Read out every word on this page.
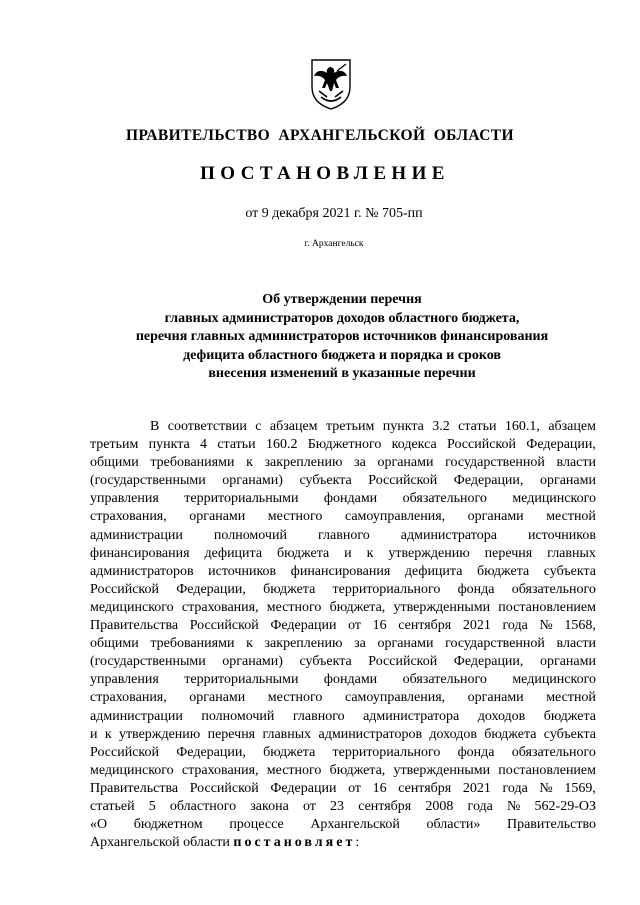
ПРАВИТЕЛЬСТВО АРХАНГЕЛЬСКОЙ ОБЛАСТИ
ПОСТАНОВЛЕНИЕ
от 9 декабря 2021 г. № 705-пп
г. Архангельск
Об утверждении перечня
главных администраторов доходов областного бюджета,
перечня главных администраторов источников финансирования
дефицита областного бюджета и порядка и сроков
внесения изменений в указанные перечни
В соответствии с абзацем третьим пункта 3.2 статьи 160.1, абзацем
третьим пункта 4 статьи 160.2 Бюджетного кодекса Российской Федерации,
общими требованиями к закреплению за органами государственной власти
(государственными органами) субъекта Российской Федерации, органами
управления территориальными фондами обязательного медицинского
страхования, органами местного самоуправления, органами местной
администрации полномочий главного администратора источников
финансирования дефицита бюджета и к утверждению перечня главных
администраторов источников финансирования дефицита бюджета субъекта
Российской Федерации, бюджета территориального фонда обязательного
медицинского страхования, местного бюджета, утвержденными постановлением
Правительства Российской Федерации от 16 сентября 2021 года № 1568,
общими требованиями к закреплению за органами государственной власти
(государственными органами) субъекта Российской Федерации, органами
управления территориальными фондами обязательного медицинского
страхования, органами местного самоуправления, органами местной
администрации полномочий главного администратора доходов бюджета
и к утверждению перечня главных администраторов доходов бюджета субъекта
Российской Федерации, бюджета территориального фонда обязательного
медицинского страхования, местного бюджета, утвержденными постановлением
Правительства Российской Федерации от 16 сентября 2021 года № 1569,
статьей 5 областного закона от 23 сентября 2008 года № 562-29-ОЗ
«О бюджетном процессе Архангельской области» Правительство
Архангельской области
постановляет :
